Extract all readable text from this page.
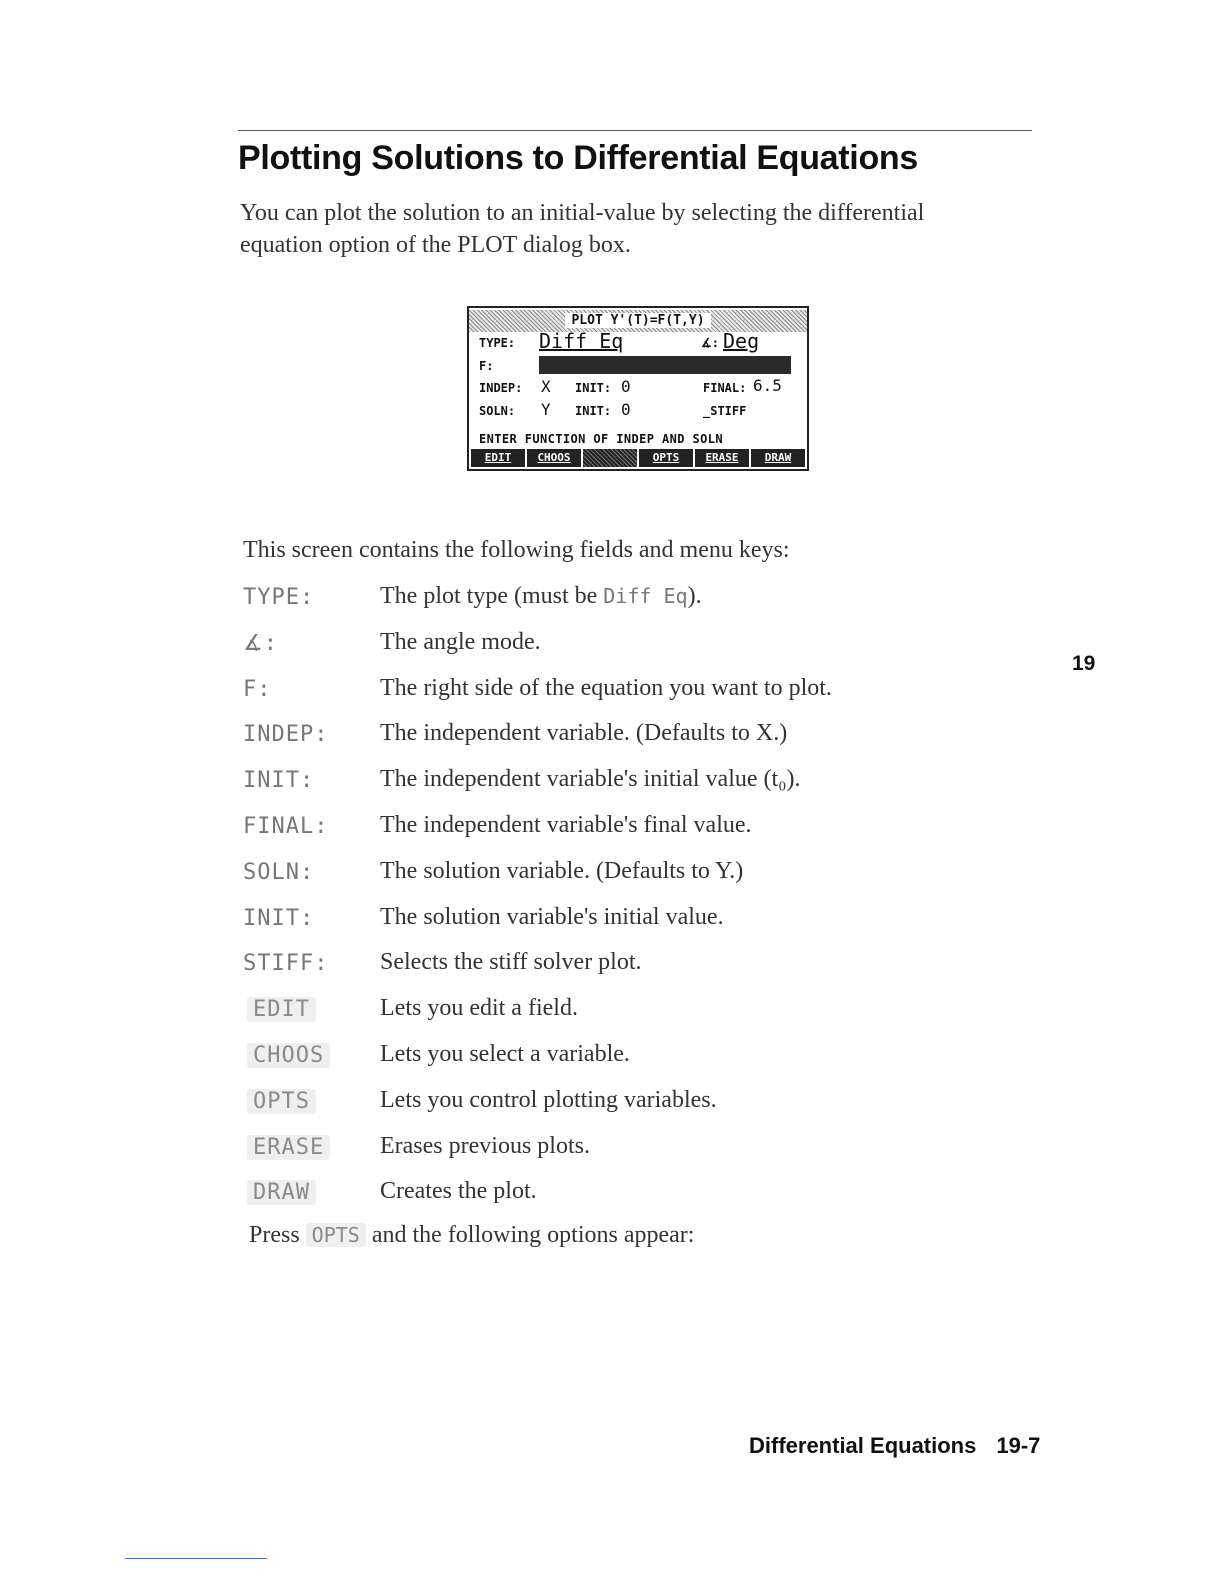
Plotting Solutions to Differential Equations

You can plot the solution to an initial-value by selecting the differential equation option of the PLOT dialog box.

PLOT Y'(T)=F(T,Y)
TYPE: Diff Eq	∡: Deg
F:
INDEP: X INIT: 0	FINAL: 6.5
SOLN: Y INIT: 0	_STIFF
ENTER FUNCTION OF INDEP AND SOLN
EDIT	CHOOS	OPTS	ERASE	DRAW

This screen contains the following fields and menu keys:

TYPE:	The plot type (must be Diff Eq).
∡:	The angle mode.
F:	The right side of the equation you want to plot.
INDEP: The independent variable. (Defaults to X.)
INIT:	The independent variable's initial value (t₀).
FINAL: The independent variable's final value.
SOLN:	The solution variable. (Defaults to Y.)
INIT:	The solution variable's initial value.
STIFF: Selects the stiff solver plot.
EDIT	Lets you edit a field.
CHOOS Lets you select a variable.
OPTS	Lets you control plotting variables.
ERASE Erases previous plots.
DRAW	Creates the plot.

Press OPTS and the following options appear:

19
Differential Equations 19-7
